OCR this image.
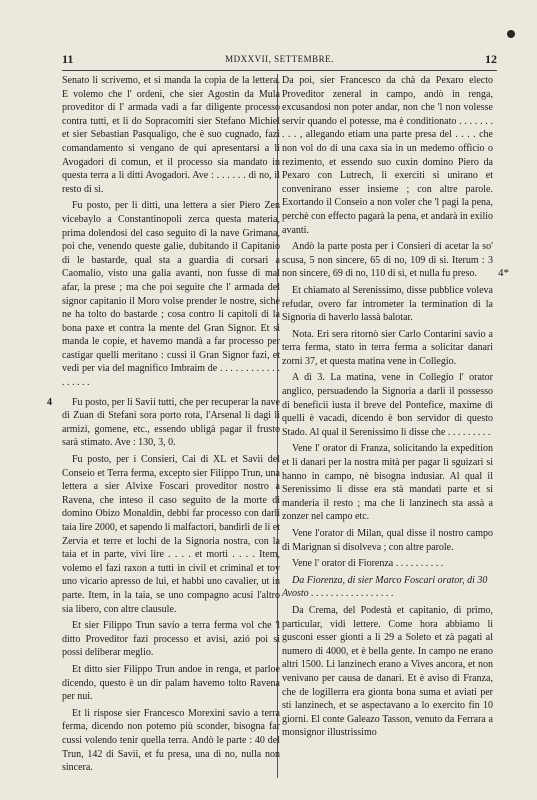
11	MDXXVII, SETTEMBRE.	12
4
4*

Senato li scrivemo, et si manda la copia de la lettera. E volemo che l' ordeni, che sier Agostin da Mula proveditor di l' armada vadi a far diligente processo contra tutti, et li do Sopracomiti sier Stefano Michiel et sier Sebastian Pasqualigo, che è suo cugnado, fazi comandamento si vengano de qui apresentarsi a li Avogadori di comun, et il processo sia mandato in questa terra a li ditti Avogadori. Ave : . . . . . . di no, il resto di sì.

Fu posto, per li ditti, una lettera a sier Piero Zen vicebaylo a Constantinopoli zerca questa materia, prima dolendosi del caso seguito di la nave Grimana, poi che, venendo queste galie, dubitando il Capitanio di le bastarde, qual sta a guardia di corsari a Caomalio, visto una galia avanti, non fusse di mal afar, la prese ; ma che poi seguite che l' armada del signor capitanio il Moro volse prender le nostre, sichè ne ha tolto do bastarde ; cosa contro li capitoli di la bona paxe et contra la mente del Gran Signor. Et si manda le copie, et havemo mandà a far processo per castigar quelli meritano : cussì il Gran Signor fazi, et vedi per via del magnifico Imbraim de . . . . . . . . . . . . . . . . . .

Fu posto, per li Savii tutti, che per recuperar la nave di Zuan di Stefani sora porto rota, l'Arsenal li dagi li armizi, gomene, etc., essendo ubligà pagar il frusto sarà stimato. Ave : 130, 3, 0.

Fu posto, per i Consieri, Cai di XL et Savii del Conseio et Terra ferma, excepto sier Filippo Trun, una lettera a sier Alvixe Foscari proveditor nostro a Ravena, che inteso il caso seguito de la morte di domino Obizo Monaldin, debbi far processo con darli taia lire 2000, et sapendo li malfactori, bandirli de li et Zervia et terre et lochi de la Signoria nostra, con la taia et in parte, vivi lire . . . . et morti . . . . Item, volemo el fazi raxon a tutti in civil et criminal et toy uno vicario apresso de lui, et habbi uno cavalier, ut in parte. Item, in la taia, se uno compagno acusi l'altro sia libero, con altre clausule.

Et sier Filippo Trun savio a terra ferma vol che 'l ditto Proveditor fazi processo et avisi, azió poi si possi deliberar meglio.

Et ditto sier Filippo Trun andoe in renga, et parloe dicendo, questo è un dir palam havemo tolto Ravena per nui.

Et li rispose sier Francesco Morexini savio a terra ferma, dicendo non potemo più sconder, bisogna far cussi volendo tenir quella terra. Andò le parte : 40 del Trun, 142 di Savii, et fu presa, una di no, nulla non sincera.

Da poi, sier Francesco da chà da Pexaro electo Proveditor zeneral in campo, andò in renga, excusandosi non poter andar, non che 'l non volesse servir quando el potesse, ma è conditionato . . . . . . . . . . , allegando etiam una parte presa del . . . . che non vol do di una caxa sia in un medemo officio o rezimento, et essendo suo cuxin domino Piero da Pexaro con Lutrech, li exerciti si unirano et convenirano esser insieme ; con altre parole. Exortando il Conseio a non voler che 'l pagi la pena, perchè con effecto pagarà la pena, et andarà in exilio avanti.

Andò la parte posta per i Consieri di acetar la so' scusa, 5 non sincere, 65 di no, 109 di sì. Iterum : 3 non sincere, 69 di no, 110 di sì, et nulla fu preso.

Et chiamato al Serenissimo, disse pubblice voleva refudar, overo far intrometer la termination di la Signoria di haverlo lassà balotar.

Nota. Eri sera ritornò sier Carlo Contarini savio a terra ferma, stato in terra ferma a solicitar danari zorni 37, et questa matina vene in Collegio.

A dì 3. La matina, vene in Collegio l' orator anglico, persuadendo la Signoria a darli il possesso di beneficii iusta il breve del Pontefice, maxime di quelli è vacadi, dicendo è bon servidor di questo Stado. Al qual il Serenissimo li disse che . . . . . . . . .

Vene l' orator di Franza, solicitando la expedition et li danari per la nostra mità per pagar li sguizari si hanno in campo, nè bisogna indusiar. Al qual il Serenissimo li disse era stà mandati parte et si manderia il resto ; ma che li lanzinech sta assà a zonzer nel campo etc.

Vene l'orator di Milan, qual disse il nostro campo di Marignan si disolveva ; con altre parole.

Vene l' orator di Fiorenza . . . . . . . . . .

Da Fiorenza, di sier Marco Foscari orator, di 30 Avosto . . . . . . . . . . . . . . . . .

Da Crema, del Podestà et capitanio, di primo, particular, vidi lettere. Come hora abbiamo li gusconi esser gionti a li 29 a Soleto et zà pagati al numero di 4000, et è bella gente. In campo ne erano altri 1500. Li lanzinech erano a Vives ancora, et non venivano per causa de danari. Et è aviso di Franza, che de logillerra era gionta bona suma et aviati per sti lanzinech, et se aspectavano a lo exercito fin 10 giorni. El conte Galeazo Tasson, venuto da Ferrara a monsignor illustrissimo
